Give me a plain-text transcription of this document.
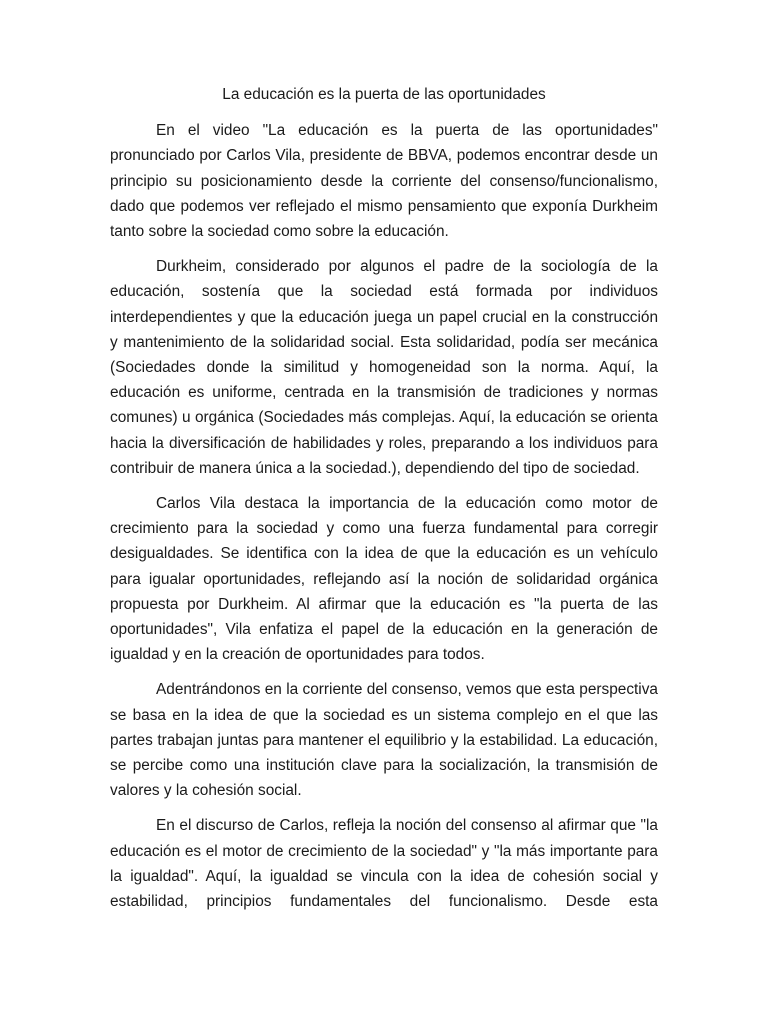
La educación es la puerta de las oportunidades

En el video "La educación es la puerta de las oportunidades" pronunciado por Carlos Vila, presidente de BBVA, podemos encontrar desde un principio su posicionamiento desde la corriente del consenso/funcionalismo, dado que podemos ver reflejado el mismo pensamiento que exponía Durkheim tanto sobre la sociedad como sobre la educación.

Durkheim, considerado por algunos el padre de la sociología de la educación, sostenía que la sociedad está formada por individuos interdependientes y que la educación juega un papel crucial en la construcción y mantenimiento de la solidaridad social. Esta solidaridad, podía ser mecánica (Sociedades donde la similitud y homogeneidad son la norma. Aquí, la educación es uniforme, centrada en la transmisión de tradiciones y normas comunes) u orgánica (Sociedades más complejas. Aquí, la educación se orienta hacia la diversificación de habilidades y roles, preparando a los individuos para contribuir de manera única a la sociedad.), dependiendo del tipo de sociedad.

Carlos Vila destaca la importancia de la educación como motor de crecimiento para la sociedad y como una fuerza fundamental para corregir desigualdades. Se identifica con la idea de que la educación es un vehículo para igualar oportunidades, reflejando así la noción de solidaridad orgánica propuesta por Durkheim. Al afirmar que la educación es "la puerta de las oportunidades", Vila enfatiza el papel de la educación en la generación de igualdad y en la creación de oportunidades para todos.

Adentrándonos en la corriente del consenso, vemos que esta perspectiva se basa en la idea de que la sociedad es un sistema complejo en el que las partes trabajan juntas para mantener el equilibrio y la estabilidad. La educación, se percibe como una institución clave para la socialización, la transmisión de valores y la cohesión social.

En el discurso de Carlos, refleja la noción del consenso al afirmar que "la educación es el motor de crecimiento de la sociedad" y "la más importante para la igualdad". Aquí, la igualdad se vincula con la idea de cohesión social y estabilidad, principios fundamentales del funcionalismo. Desde esta
